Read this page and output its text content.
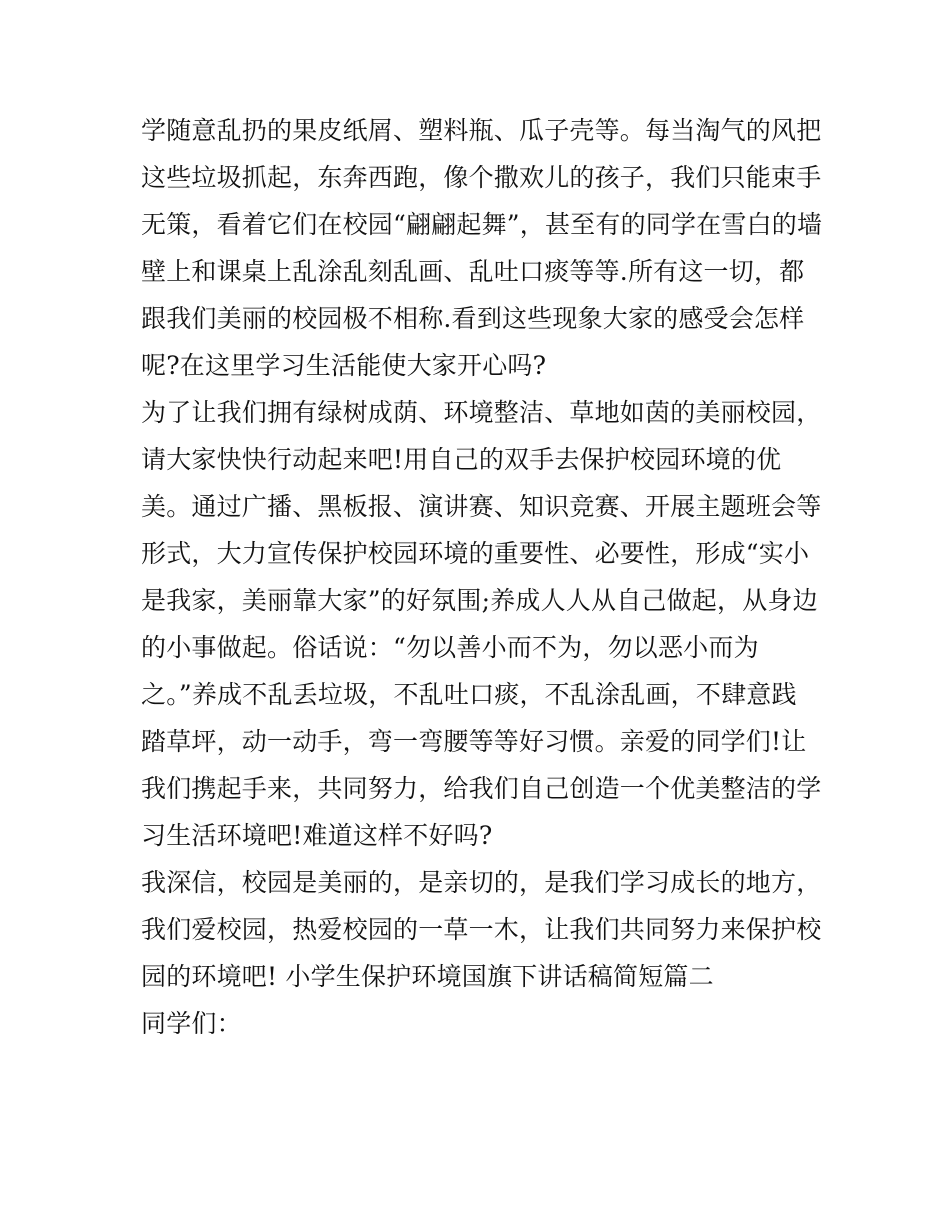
学随意乱扔的果皮纸屑、塑料瓶、瓜子壳等。每当淘气的风把
这些垃圾抓起，东奔西跑，像个撒欢儿的孩子，我们只能束手
无策，看着它们在校园“翩翩起舞”，甚至有的同学在雪白的墙
壁上和课桌上乱涂乱刻乱画、乱吐口痰等等.所有这一切，都
跟我们美丽的校园极不相称.看到这些现象大家的感受会怎样
呢?在这里学习生活能使大家开心吗?
为了让我们拥有绿树成荫、环境整洁、草地如茵的美丽校园，
请大家快快行动起来吧!用自己的双手去保护校园环境的优
美。通过广播、黑板报、演讲赛、知识竞赛、开展主题班会等
形式，大力宣传保护校园环境的重要性、必要性，形成“实小
是我家，美丽靠大家”的好氛围;养成人人从自己做起，从身边
的小事做起。俗话说：“勿以善小而不为，勿以恶小而为
之。”养成不乱丢垃圾，不乱吐口痰，不乱涂乱画，不肆意践
踏草坪，动一动手，弯一弯腰等等好习惯。亲爱的同学们!让
我们携起手来，共同努力，给我们自己创造一个优美整洁的学
习生活环境吧!难道这样不好吗?
我深信，校园是美丽的，是亲切的，是我们学习成长的地方，
我们爱校园，热爱校园的一草一木，让我们共同努力来保护校
园的环境吧! 小学生保护环境国旗下讲话稿简短篇二
同学们：
